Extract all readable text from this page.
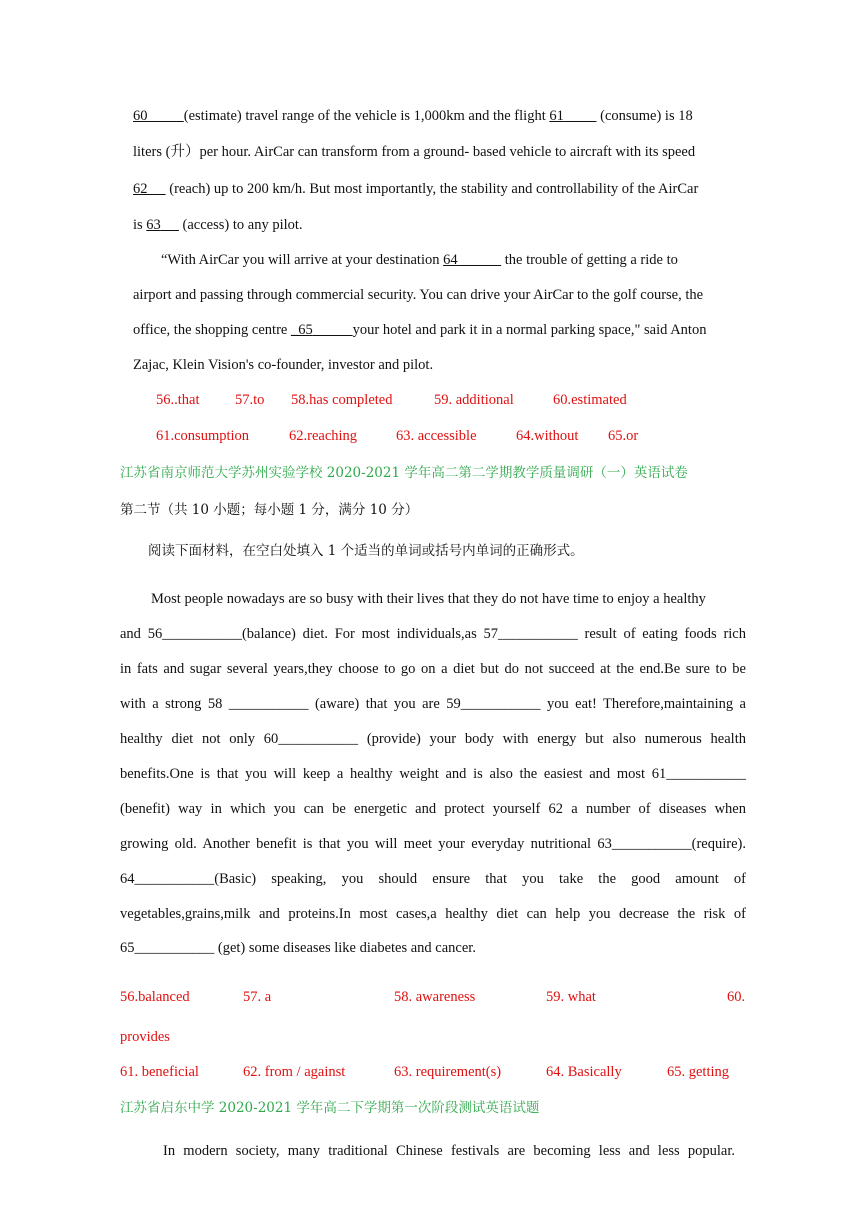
60	(estimate) travel range of the vehicle is 1,000km and the flight 61          (consume) is 18
liters (升）per hour. AirCar can transform from a ground- based vehicle to aircraft with its speed
62      (reach) up to 200 km/h. But most importantly, the stability and controllability of the AirCar
is 63      (access) to any pilot.
“With AirCar you will arrive at your destination 64	the trouble of getting a ride to
airport and passing through commercial security. You can drive your AirCar to the golf course, the
office, the shopping centre _65	your hotel and park it in a normal parking space," said Anton
Zajac, Klein Vision's co-founder, investor and pilot.
56..that 57.to 58.has completed	59. additional	60.estimated
61.consumption	62.reaching	63. accessible	64.without 65.or
江苏省南京师范大学苏州实验学校 2020-2021 学年高二第二学期教学质量调研（一）英语试卷
第二节（共 10 小题；每小题 1 分，满分 10 分）
阅读下面材料，在空白处填入 1 个适当的单词或括号内单词的正确形式。
Most people nowadays are so busy with their lives that they do not have time to enjoy a healthy
and 56___________(balance) diet. For most individuals,as 57___________ result of eating foods rich
in fats and sugar several years,they choose to go on a diet but do not succeed at the end.Be sure to be
with a strong 58 ___________ (aware) that you are 59___________ you eat! Therefore,maintaining a
healthy diet not only 60___________ (provide) your body with energy but also numerous health
benefits.One is that you will keep a healthy weight and is also the easiest and most 61___________
(benefit) way in which you can be energetic and protect yourself 62 a number of diseases when
growing old. Another benefit is that you will meet your everyday nutritional 63___________(require).
64___________(Basic) speaking, you should ensure that you take the good amount of
vegetables,grains,milk and proteins.In most cases,a healthy diet can help you decrease the risk of
65___________ (get) some diseases like diabetes and cancer.
56.balanced	57. a	58. awareness	59. what	60.
provides
61. beneficial	62. from / against	63. requirement(s)	64. Basically	65. getting
江苏省启东中学 2020-2021 学年高二下学期第一次阶段测试英语试题
In modern society, many traditional Chinese festivals are becoming less and less popular.
